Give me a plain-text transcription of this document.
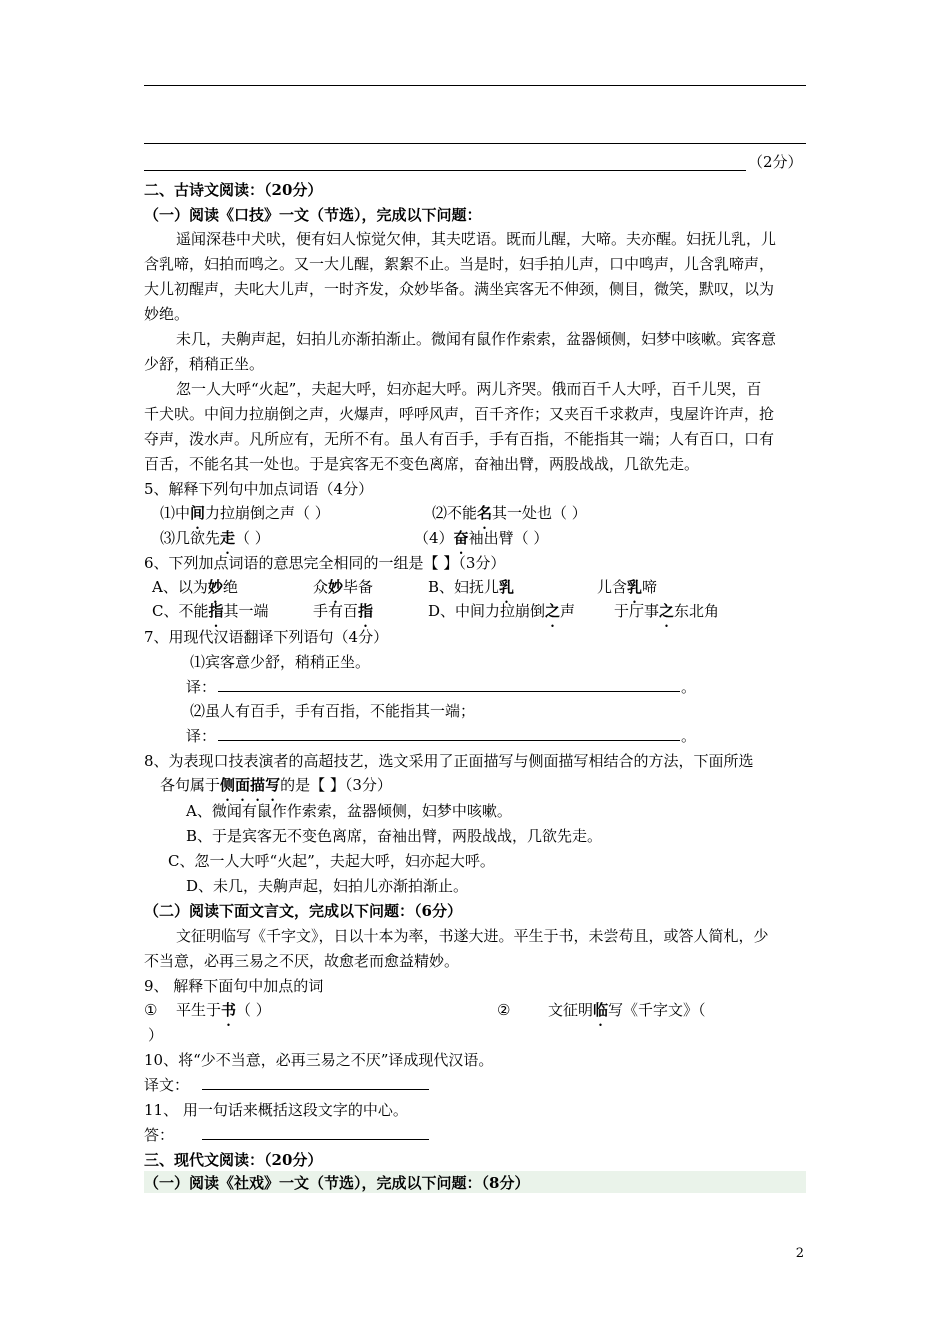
（2分）
二、古诗文阅读：（20分）
（一）阅读《口技》一文（节选），完成以下问题：
遥闻深巷中犬吠，便有妇人惊觉欠伸，其夫呓语。既而儿醒，大啼。夫亦醒。妇抚儿乳，儿
含乳啼，妇拍而鸣之。又一大儿醒，絮絮不止。当是时，妇手拍儿声，口中鸣声，儿含乳啼声，
大儿初醒声，夫叱大儿声，一时齐发，众妙毕备。满坐宾客无不伸颈，侧目，微笑，默叹，以为
妙绝。
未几，夫齁声起，妇拍儿亦渐拍渐止。微闻有鼠作作索索，盆器倾侧，妇梦中咳嗽。宾客意
少舒，稍稍正坐。
忽一人大呼“火起”，夫起大呼，妇亦起大呼。两儿齐哭。俄而百千人大呼，百千儿哭，百
千犬吠。中间力拉崩倒之声，火爆声，呼呼风声，百千齐作；又夹百千求救声，曳屋许许声，抢
夺声，泼水声。凡所应有，无所不有。虽人有百手，手有百指，不能指其一端；人有百口，口有
百舌，不能名其一处也。于是宾客无不变色离席，奋袖出臂，两股战战，几欲先走。
5、解释下列句中加点词语（4分）
⑴中间力拉崩倒之声（ ）	⑵不能名其一处也（ ）
⑶几欲先走（ ）	（4）奋袖出臂（ ）
6、下列加点词语的意思完全相同的一组是【 】（3分）
A、以为妙绝	众妙毕备	B、妇抚儿乳	儿含乳啼
C、不能指其一端	手有百指	D、中间力拉崩倒之声	于厅事之东北角
7、用现代汉语翻译下列语句（4分）
⑴宾客意少舒，稍稍正坐。
译：	。
⑵虽人有百手，手有百指，不能指其一端；
译：	。
8、为表现口技表演者的高超技艺，选文采用了正面描写与侧面描写相结合的方法，下面所选
各句属于侧面描写的是【 】（3分）
A、微闻有鼠作作索索，盆器倾侧，妇梦中咳嗽。
B、于是宾客无不变色离席，奋袖出臂，两股战战，几欲先走。
C、忽一人大呼“火起”，夫起大呼，妇亦起大呼。
D、未几，夫齁声起，妇拍儿亦渐拍渐止。
（二）阅读下面文言文，完成以下问题：（6分）
文征明临写《千字文》，日以十本为率，书遂大进。平生于书，未尝苟且，或答人简札，少
不当意，必再三易之不厌，故愈老而愈益精妙。
9、 解释下面句中加点的词
① 平生于书（ ）	②	文征明临写《千字文》（
）
10、将“少不当意，必再三易之不厌”译成现代汉语。
译文：
11、 用一句话来概括这段文字的中心。
答：
三、现代文阅读：（20分）
（一）阅读《社戏》一文（节选），完成以下问题：（8分）
2
